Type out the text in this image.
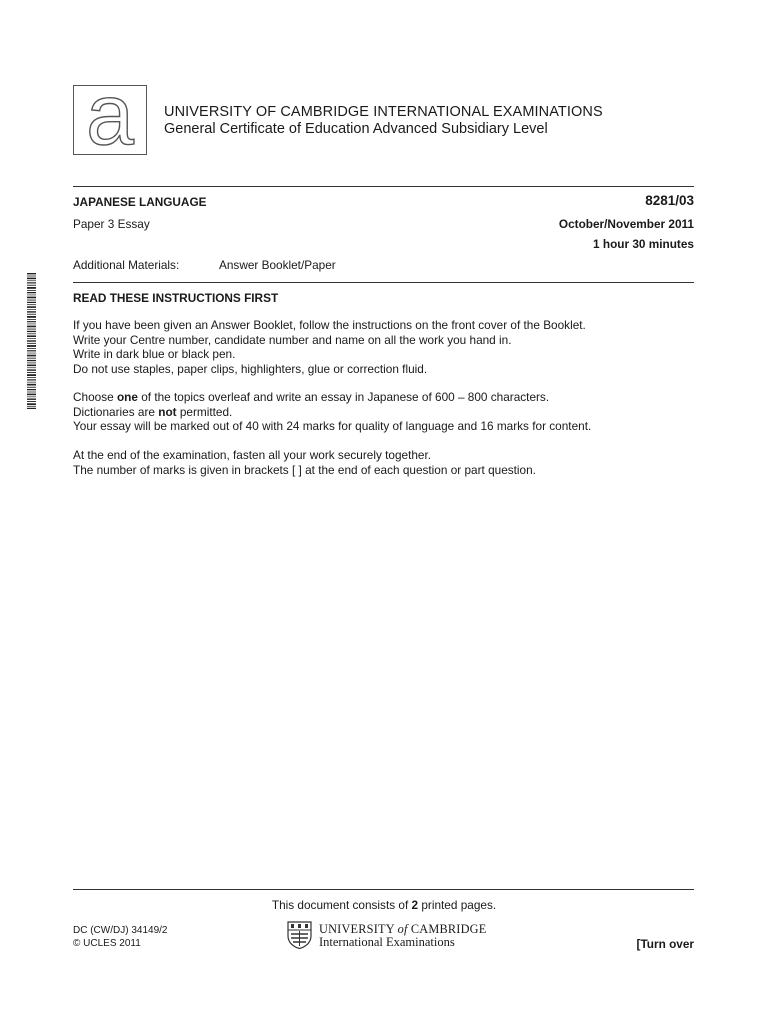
a	UNIVERSITY OF CAMBRIDGE INTERNATIONAL EXAMINATIONS
General Certificate of Education Advanced Subsidiary Level
JAPANESE LANGUAGE	8281/03
Paper 3 Essay	October/November 2011
1 hour 30 minutes
Additional Materials:	Answer Booklet/Paper
READ THESE INSTRUCTIONS FIRST

If you have been given an Answer Booklet, follow the instructions on the front cover of the Booklet.

Write your Centre number, candidate number and name on all the work you hand in.

Write in dark blue or black pen.

Do not use staples, paper clips, highlighters, glue or correction fluid.

Choose one of the topics overleaf and write an essay in Japanese of 600 – 800 characters.

Dictionaries are not permitted.

Your essay will be marked out of 40 with 24 marks for quality of language and 16 marks for content.

At the end of the examination, fasten all your work securely together.

The number of marks is given in brackets [ ] at the end of each question or part question.

This document consists of 2 printed pages.
DC (CW/DJ) 34149/2
© UCLES 2011
UNIVERSITY of CAMBRIDGE
International Examinations	[Turn over
